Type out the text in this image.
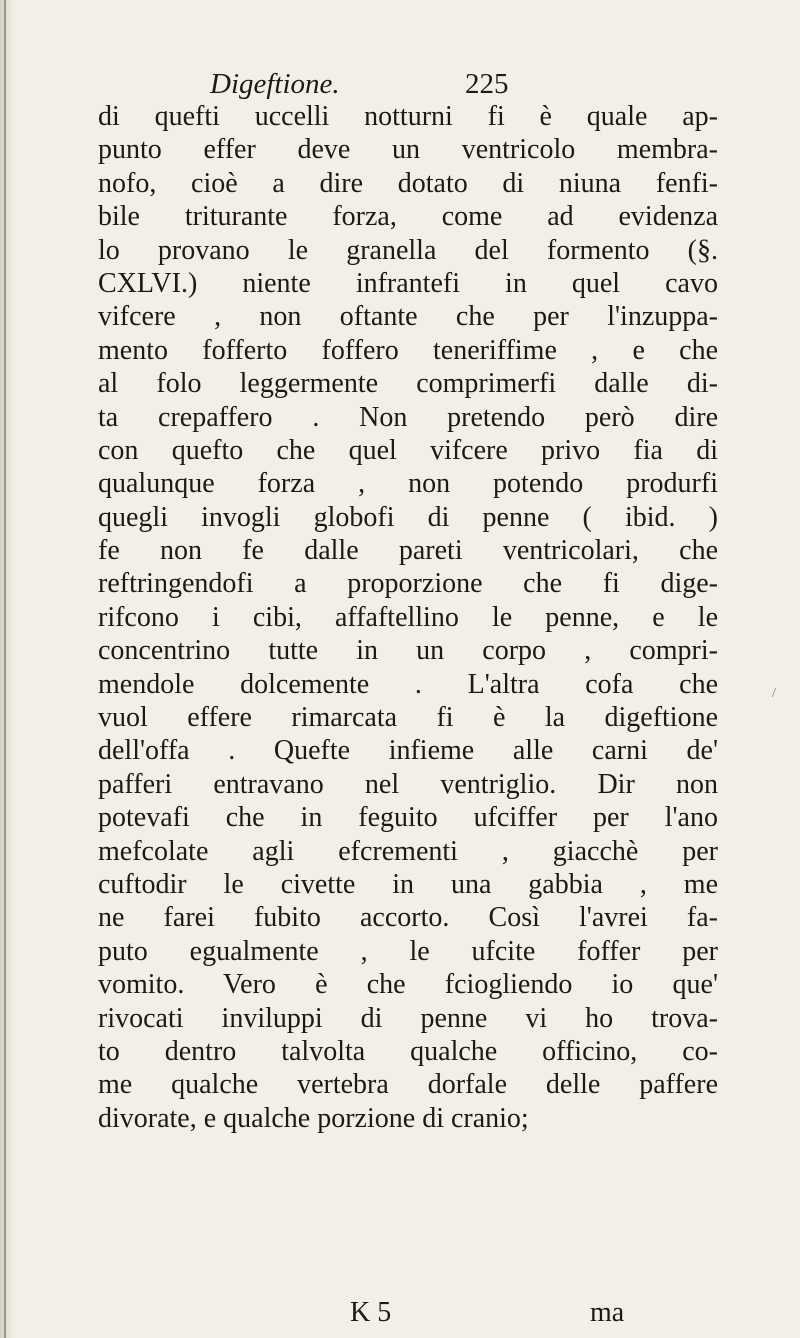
Digeftione.	225
di quefti uccelli notturni fi è quale ap-
punto effer deve un ventricolo membra-
nofo, cioè a dire dotato di niuna fenfi-
bile triturante forza, come ad evidenza
lo provano le granella del formento (§.
CXLVI.) niente infrantefi in quel cavo
vifcere , non oftante che per l'inzuppa-
mento fofferto foffero teneriffime , e che
al folo leggermente comprimerfi dalle di-
ta crepaffero . Non pretendo però dire
con quefto che quel vifcere privo fia di
qualunque forza , non potendo produrfi
quegli invogli globofi di penne ( ibid. )
fe non fe dalle pareti ventricolari, che
reftringendofi a proporzione che fi dige-
rifcono i cibi, affaftellino le penne, e le
concentrino tutte in un corpo , compri-
mendole dolcemente . L'altra cofa che
vuol effere rimarcata fi è la digeftione
dell'offa . Quefte infieme alle carni de'
pafferi entravano nel ventriglio. Dir non
potevafi che in feguito ufciffer per l'ano
mefcolate agli efcrementi , giacchè per
cuftodir le civette in una gabbia , me
ne farei fubito accorto. Così l'avrei fa-
puto egualmente , le ufcite foffer per
vomito. Vero è che fciogliendo io que'
rivocati inviluppi di penne vi ho trova-
to dentro talvolta qualche officino, co-
me qualche vertebra dorfale delle paffere
divorate, e qualche porzione di cranio;
K 5	ma
/
